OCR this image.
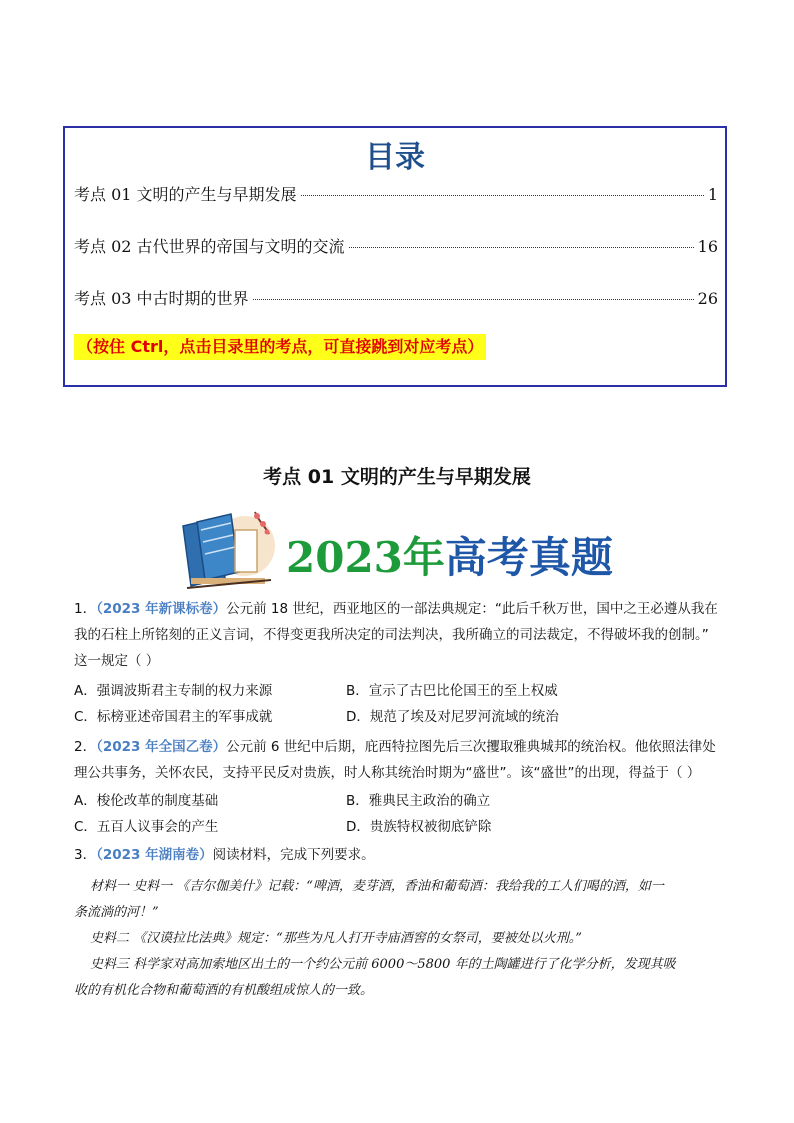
目录
考点 01 文明的产生与早期发展	1
考点 02 古代世界的帝国与文明的交流	16
考点 03 中古时期的世界	26
（按住 Ctrl，点击目录里的考点，可直接跳到对应考点）
考点 01 文明的产生与早期发展
2023年高考真题

1．（2023 年新课标卷）公元前 18 世纪，西亚地区的一部法典规定：“此后千秋万世，国中之王必遵从我在

我的石柱上所铭刻的正义言词，不得变更我所决定的司法判决，我所确立的司法裁定，不得破坏我的创制。”

这一规定（ ）

A．强调波斯君主专制的权力来源	B．宣示了古巴比伦国王的至上权威
C．标榜亚述帝国君主的军事成就	D．规范了埃及对尼罗河流域的统治

2．（2023 年全国乙卷）公元前 6 世纪中后期，庇西特拉图先后三次攫取雅典城邦的统治权。他依照法律处

理公共事务，关怀农民，支持平民反对贵族，时人称其统治时期为“盛世”。该“盛世”的出现，得益于（ ）

A．梭伦改革的制度基础	B．雅典民主政治的确立
C．五百人议事会的产生	D．贵族特权被彻底铲除

3．（2023 年湖南卷）阅读材料，完成下列要求。

材料一 史料一 《吉尔伽美什》记载：“啤酒，麦芽酒，香油和葡萄酒：我给我的工人们喝的酒，如一

条流淌的河！”

史料二 《汉谟拉比法典》规定：“那些为凡人打开寺庙酒窖的女祭司，要被处以火刑。”

史料三 科学家对高加索地区出土的一个约公元前 6000～5800 年的土陶罐进行了化学分析，发现其吸

收的有机化合物和葡萄酒的有机酸组成惊人的一致。
